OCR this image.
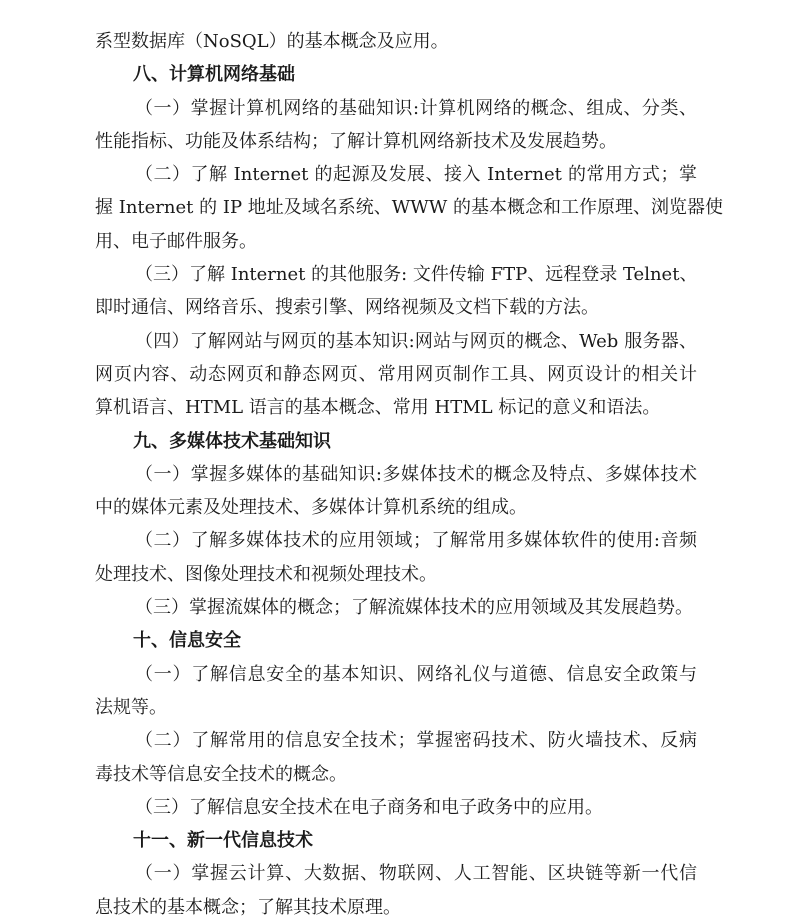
系型数据库（NoSQL）的基本概念及应用。
八、计算机网络基础
（一）掌握计算机网络的基础知识:计算机网络的概念、组成、分类、
性能指标、功能及体系结构；了解计算机网络新技术及发展趋势。
（二）了解 Internet 的起源及发展、接入 Internet 的常用方式；掌
握 Internet 的 IP 地址及域名系统、WWW 的基本概念和工作原理、浏览器使
用、电子邮件服务。
（三）了解 Internet 的其他服务: 文件传输 FTP、远程登录 Telnet、
即时通信、网络音乐、搜索引擎、网络视频及文档下载的方法。
（四）了解网站与网页的基本知识:网站与网页的概念、Web 服务器、
网页内容、动态网页和静态网页、常用网页制作工具、网页设计的相关计
算机语言、HTML 语言的基本概念、常用 HTML 标记的意义和语法。
九、多媒体技术基础知识
（一）掌握多媒体的基础知识:多媒体技术的概念及特点、多媒体技术
中的媒体元素及处理技术、多媒体计算机系统的组成。
（二）了解多媒体技术的应用领域；了解常用多媒体软件的使用:音频
处理技术、图像处理技术和视频处理技术。
（三）掌握流媒体的概念；了解流媒体技术的应用领域及其发展趋势。
十、信息安全
（一）了解信息安全的基本知识、网络礼仪与道德、信息安全政策与
法规等。
（二）了解常用的信息安全技术；掌握密码技术、防火墙技术、反病
毒技术等信息安全技术的概念。
（三）了解信息安全技术在电子商务和电子政务中的应用。
十一、新一代信息技术
（一）掌握云计算、大数据、物联网、人工智能、区块链等新一代信
息技术的基本概念；了解其技术原理。
